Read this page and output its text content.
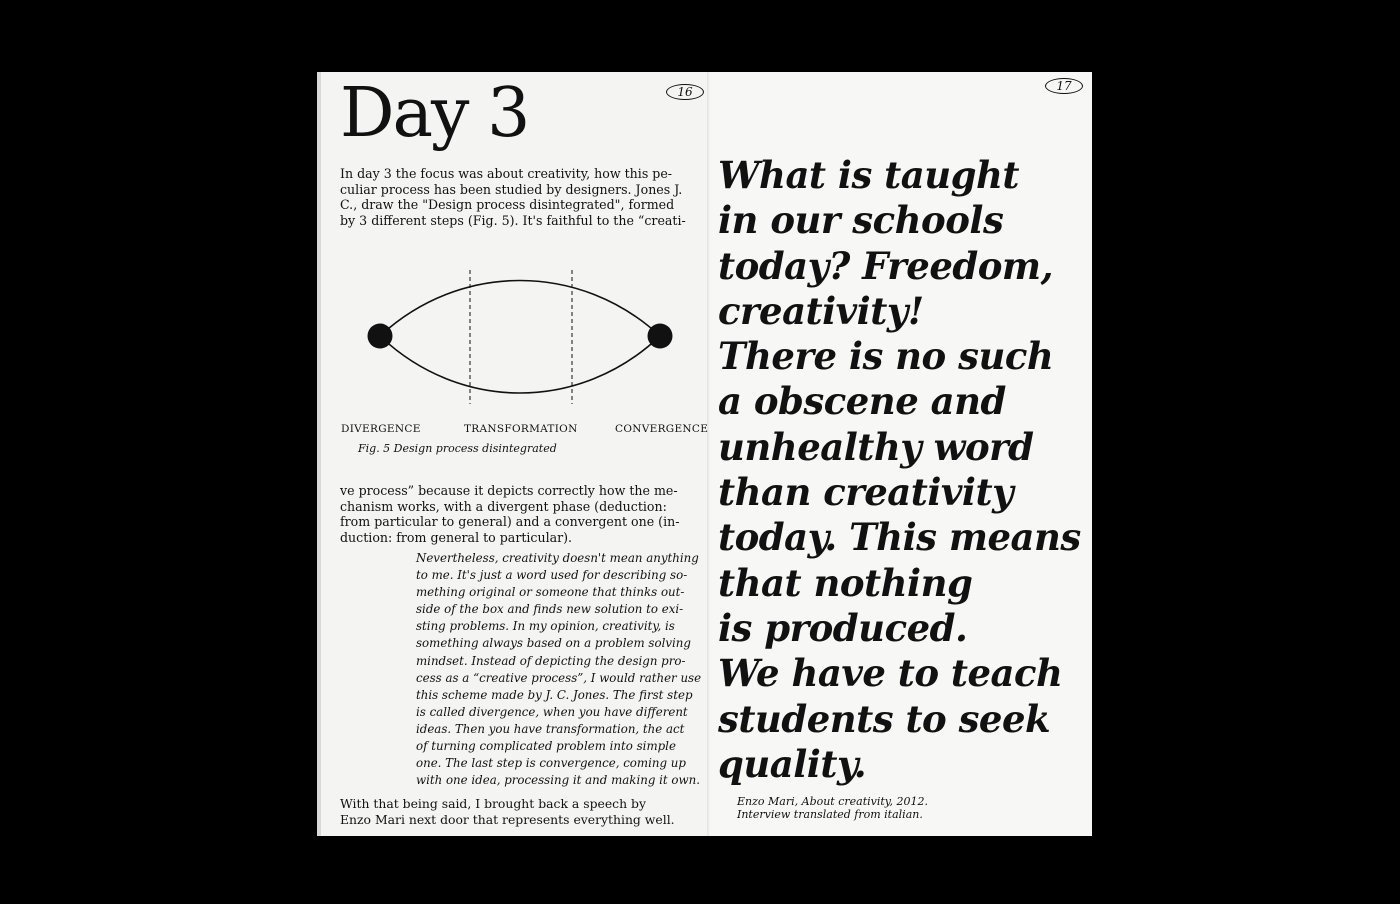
16
Day 3
In day 3 the focus was about creativity, how this pe-
culiar process has been studied by designers. Jones J.
C., draw the "Design process disintegrated", formed
by 3 different steps (Fig. 5). It's faithful to the “creati-
DIVERGENCE	TRANSFORMATION	CONVERGENCE
Fig. 5 Design process disintegrated
ve process” because it depicts correctly how the me-
chanism works, with a divergent phase (deduction:
from particular to general) and a convergent one (in-
duction: from general to particular).
Nevertheless, creativity doesn't mean anything
to me. It's just a word used for describing so-
mething original or someone that thinks out-
side of the box and finds new solution to exi-
sting problems. In my opinion, creativity, is
something always based on a problem solving
mindset. Instead of depicting the design pro-
cess as a “creative process”, I would rather use
this scheme made by J. C. Jones. The first step
is called divergence, when you have different
ideas. Then you have transformation, the act
of turning complicated problem into simple
one. The last step is convergence, coming up
with one idea, processing it and making it own.
With that being said, I brought back a speech by
Enzo Mari next door that represents everything well.
17
What is taught
in our schools
today? Freedom,
creativity!
There is no such
a obscene and
unhealthy word
than creativity
today. This means
that nothing
is produced.
We have to teach
students to seek
quality.
Enzo Mari, About creativity, 2012.
Interview translated from italian.
